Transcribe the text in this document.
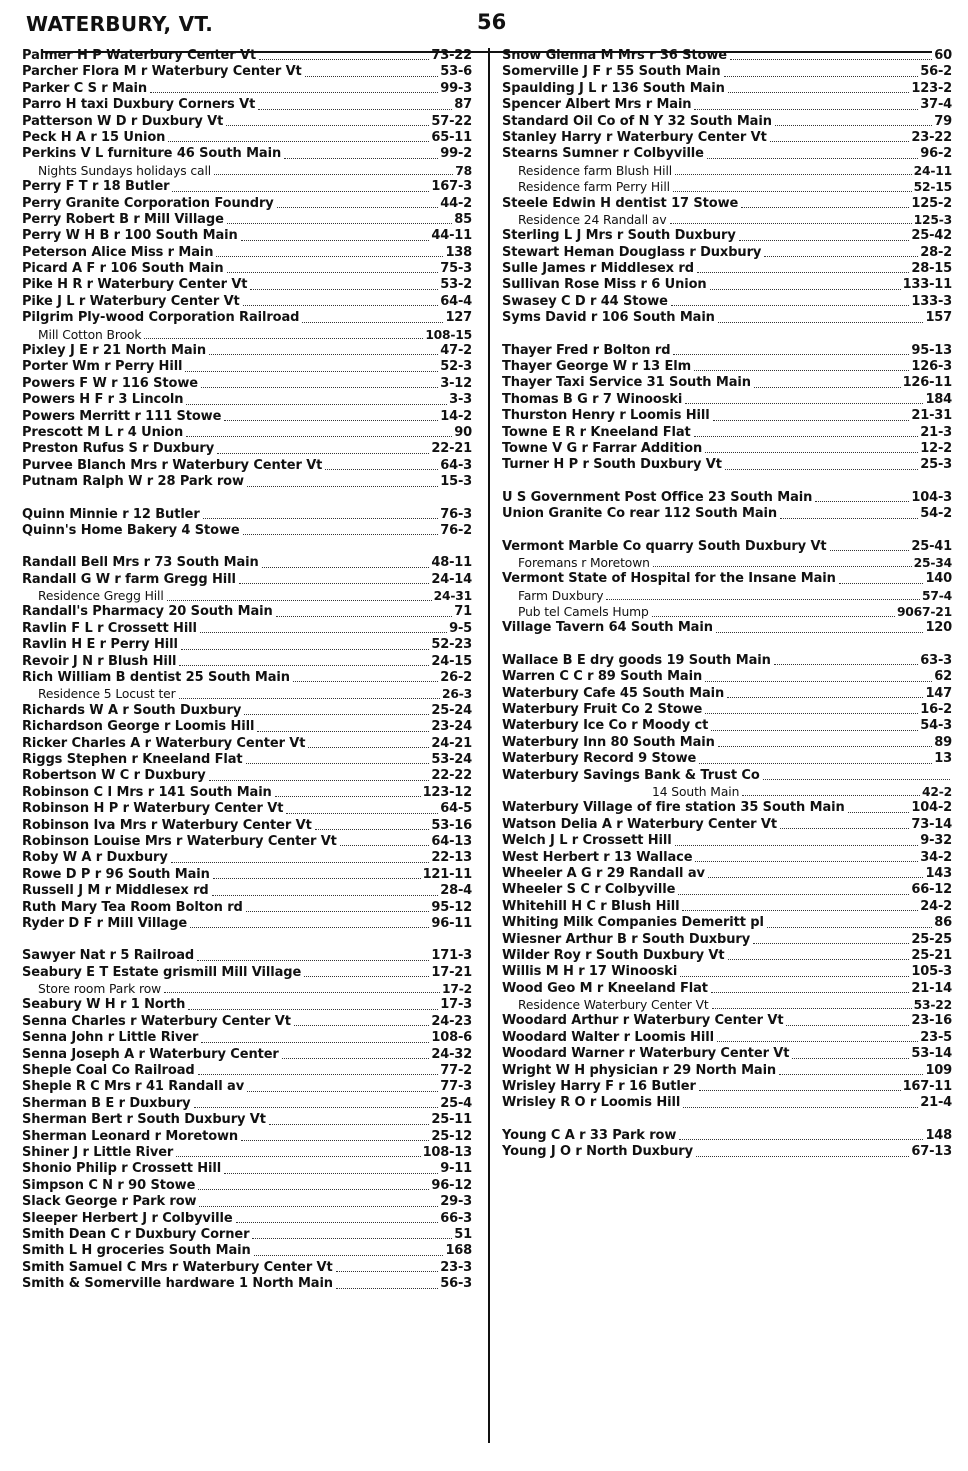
WATERBURY, VT.	56
Palmer H P Waterbury Center Vt	73-22
Parcher Flora M r Waterbury Center Vt	53-6
Parker C S r Main	99-3
Parro H taxi Duxbury Corners Vt	87
Patterson W D r Duxbury Vt	57-22
Peck H A r 15 Union	65-11
Perkins V L furniture 46 South Main	99-2
Nights Sundays holidays call	78
Perry F T r 18 Butler	167-3
Perry Granite Corporation Foundry	44-2
Perry Robert B r Mill Village	85
Perry W H B r 100 South Main	44-11
Peterson Alice Miss r Main	138
Picard A F r 106 South Main	75-3
Pike H R r Waterbury Center Vt	53-2
Pike J L r Waterbury Center Vt	64-4
Pilgrim Ply-wood Corporation Railroad	127
Mill Cotton Brook	108-15
Pixley J E r 21 North Main	47-2
Porter Wm r Perry Hill	52-3
Powers F W r 116 Stowe	3-12
Powers H F r 3 Lincoln	3-3
Powers Merritt r 111 Stowe	14-2
Prescott M L r 4 Union	90
Preston Rufus S r Duxbury	22-21
Purvee Blanch Mrs r Waterbury Center Vt	64-3
Putnam Ralph W r 28 Park row	15-3
Quinn Minnie r 12 Butler	76-3
Quinn's Home Bakery 4 Stowe	76-2
Randall Bell Mrs r 73 South Main	48-11
Randall G W r farm Gregg Hill	24-14
Residence Gregg Hill	24-31
Randall's Pharmacy 20 South Main	71
Ravlin F L r Crossett Hill	9-5
Ravlin H E r Perry Hill	52-23
Revoir J N r Blush Hill	24-15
Rich William B dentist 25 South Main	26-2
Residence 5 Locust ter	26-3
Richards W A r South Duxbury	25-24
Richardson George r Loomis Hill	23-24
Ricker Charles A r Waterbury Center Vt	24-21
Riggs Stephen r Kneeland Flat	53-24
Robertson W C r Duxbury	22-22
Robinson C I Mrs r 141 South Main	123-12
Robinson H P r Waterbury Center Vt	64-5
Robinson Iva Mrs r Waterbury Center Vt	53-16
Robinson Louise Mrs r Waterbury Center Vt	64-13
Roby W A r Duxbury	22-13
Rowe D P r 96 South Main	121-11
Russell J M r Middlesex rd	28-4
Ruth Mary Tea Room Bolton rd	95-12
Ryder D F r Mill Village	96-11
Sawyer Nat r 5 Railroad	171-3
Seabury E T Estate grismill Mill Village	17-21
Store room Park row	17-2
Seabury W H r 1 North	17-3
Senna Charles r Waterbury Center Vt	24-23
Senna John r Little River	108-6
Senna Joseph A r Waterbury Center	24-32
Sheple Coal Co Railroad	77-2
Sheple R C Mrs r 41 Randall av	77-3
Sherman B E r Duxbury	25-4
Sherman Bert r South Duxbury Vt	25-11
Sherman Leonard r Moretown	25-12
Shiner J r Little River	108-13
Shonio Philip r Crossett Hill	9-11
Simpson C N r 90 Stowe	96-12
Slack George r Park row	29-3
Sleeper Herbert J r Colbyville	66-3
Smith Dean C r Duxbury Corner	51
Smith L H groceries South Main	168
Smith Samuel C Mrs r Waterbury Center Vt	23-3
Smith & Somerville hardware 1 North Main	56-3
Snow Glenna M Mrs r 36 Stowe	60
Somerville J F r 55 South Main	56-2
Spaulding J L r 136 South Main	123-2
Spencer Albert Mrs r Main	37-4
Standard Oil Co of N Y 32 South Main	79
Stanley Harry r Waterbury Center Vt	23-22
Stearns Sumner r Colbyville	96-2
Residence farm Blush Hill	24-11
Residence farm Perry Hill	52-15
Steele Edwin H dentist 17 Stowe	125-2
Residence 24 Randall av	125-3
Sterling L J Mrs r South Duxbury	25-42
Stewart Heman Douglass r Duxbury	28-2
Sulle James r Middlesex rd	28-15
Sullivan Rose Miss r 6 Union	133-11
Swasey C D r 44 Stowe	133-3
Syms David r 106 South Main	157
Thayer Fred r Bolton rd	95-13
Thayer George W r 13 Elm	126-3
Thayer Taxi Service 31 South Main	126-11
Thomas B G r 7 Winooski	184
Thurston Henry r Loomis Hill	21-31
Towne E R r Kneeland Flat	21-3
Towne V G r Farrar Addition	12-2
Turner H P r South Duxbury Vt	25-3
U S Government Post Office 23 South Main	104-3
Union Granite Co rear 112 South Main	54-2
Vermont Marble Co quarry South Duxbury Vt	25-41
Foremans r Moretown	25-34
Vermont State of Hospital for the Insane Main	140
Farm Duxbury	57-4
Pub tel Camels Hump	9067-21
Village Tavern 64 South Main	120
Wallace B E dry goods 19 South Main	63-3
Warren C C r 89 South Main	62
Waterbury Cafe 45 South Main	147
Waterbury Fruit Co 2 Stowe	16-2
Waterbury Ice Co r Moody ct	54-3
Waterbury Inn 80 South Main	89
Waterbury Record 9 Stowe	13
Waterbury Savings Bank & Trust Co
14 South Main	42-2
Waterbury Village of fire station 35 South Main	104-2
Watson Delia A r Waterbury Center Vt	73-14
Welch J L r Crossett Hill	9-32
West Herbert r 13 Wallace	34-2
Wheeler A G r 29 Randall av	143
Wheeler S C r Colbyville	66-12
Whitehill H C r Blush Hill	24-2
Whiting Milk Companies Demeritt pl	86
Wiesner Arthur B r South Duxbury	25-25
Wilder Roy r South Duxbury Vt	25-21
Willis M H r 17 Winooski	105-3
Wood Geo M r Kneeland Flat	21-14
Residence Waterbury Center Vt	53-22
Woodard Arthur r Waterbury Center Vt	23-16
Woodard Walter r Loomis Hill	23-5
Woodard Warner r Waterbury Center Vt	53-14
Wright W H physician r 29 North Main	109
Wrisley Harry F r 16 Butler	167-11
Wrisley R O r Loomis Hill	21-4
Young C A r 33 Park row	148
Young J O r North Duxbury	67-13
